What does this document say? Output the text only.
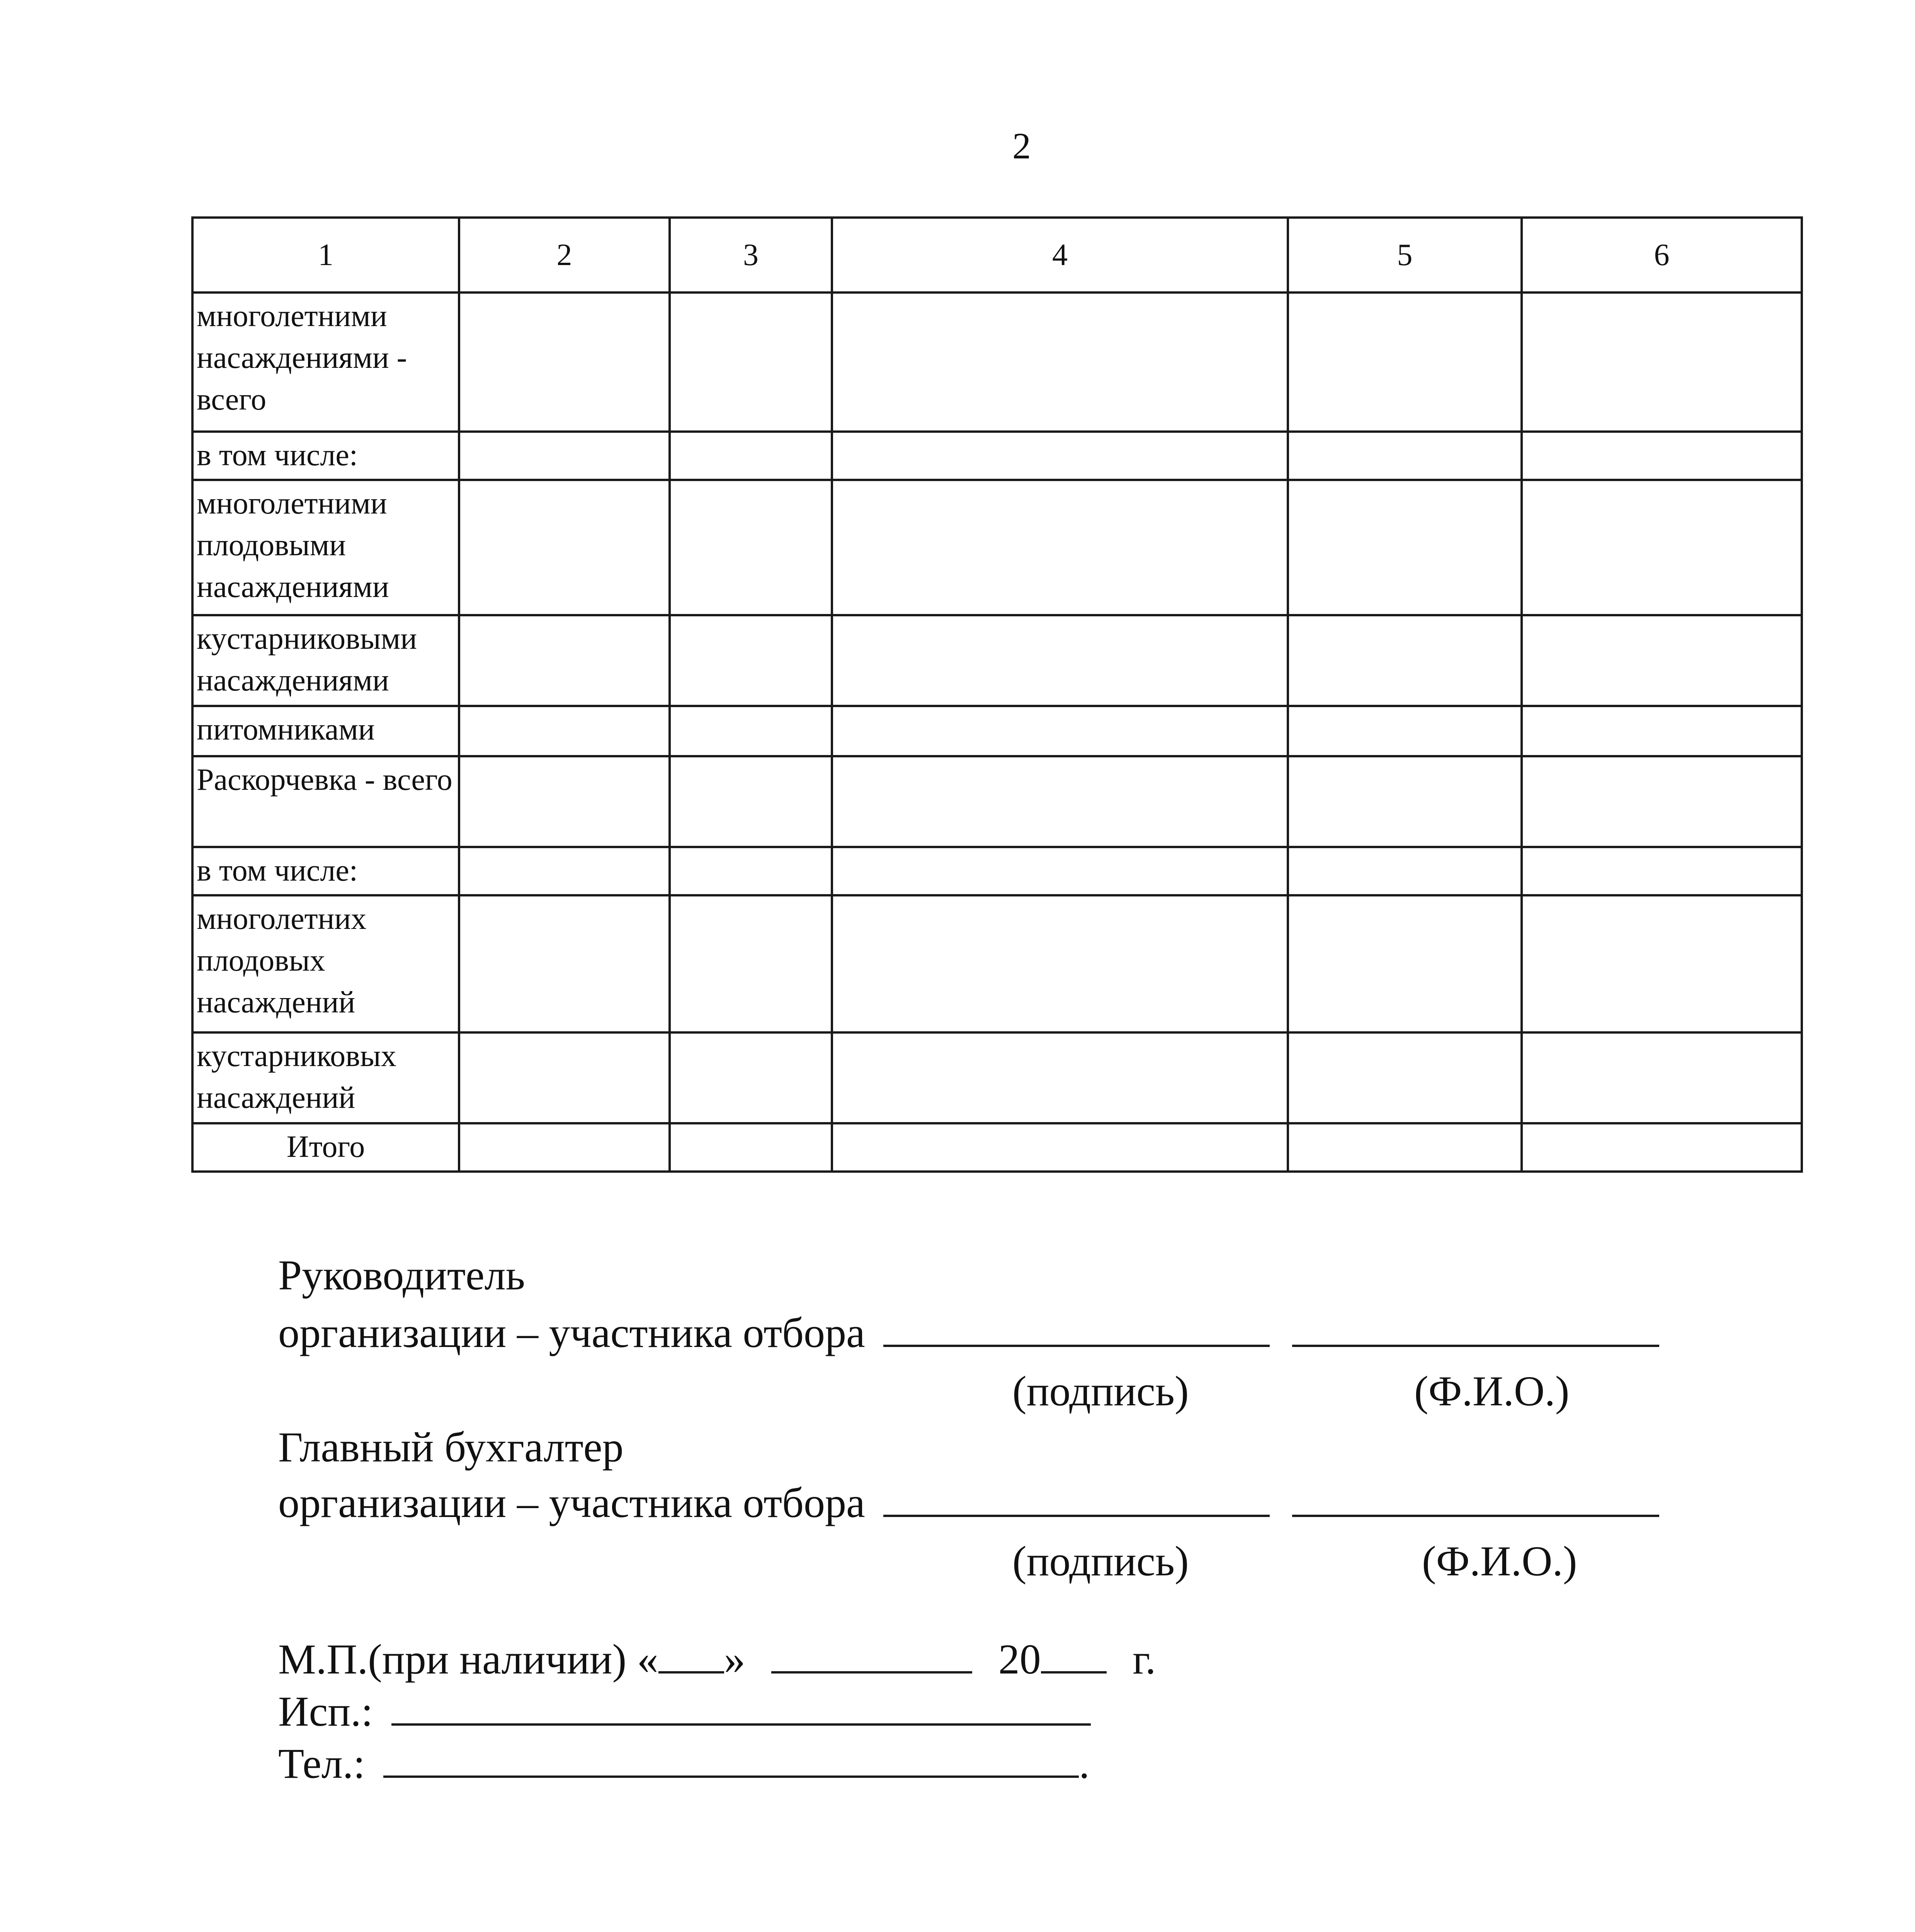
2
1	2	3	4	5	6
многолетними насаждениями - всего					
в том числе:					
многолетними плодовыми насаждениями					
кустарниковыми насаждениями					
питомниками					
Раскорчевка - всего					
в том числе:					
многолетних плодовых насаждений					
кустарниковых насаждений					
Итого					
Руководитель
организации – участника отбора
(подпись)	(Ф.И.О.)
Главный бухгалтер
организации – участника отбора
(подпись)	(Ф.И.О.)
М.П.(при наличии) « »	20 г.
Исп.:
Тел.:	.
